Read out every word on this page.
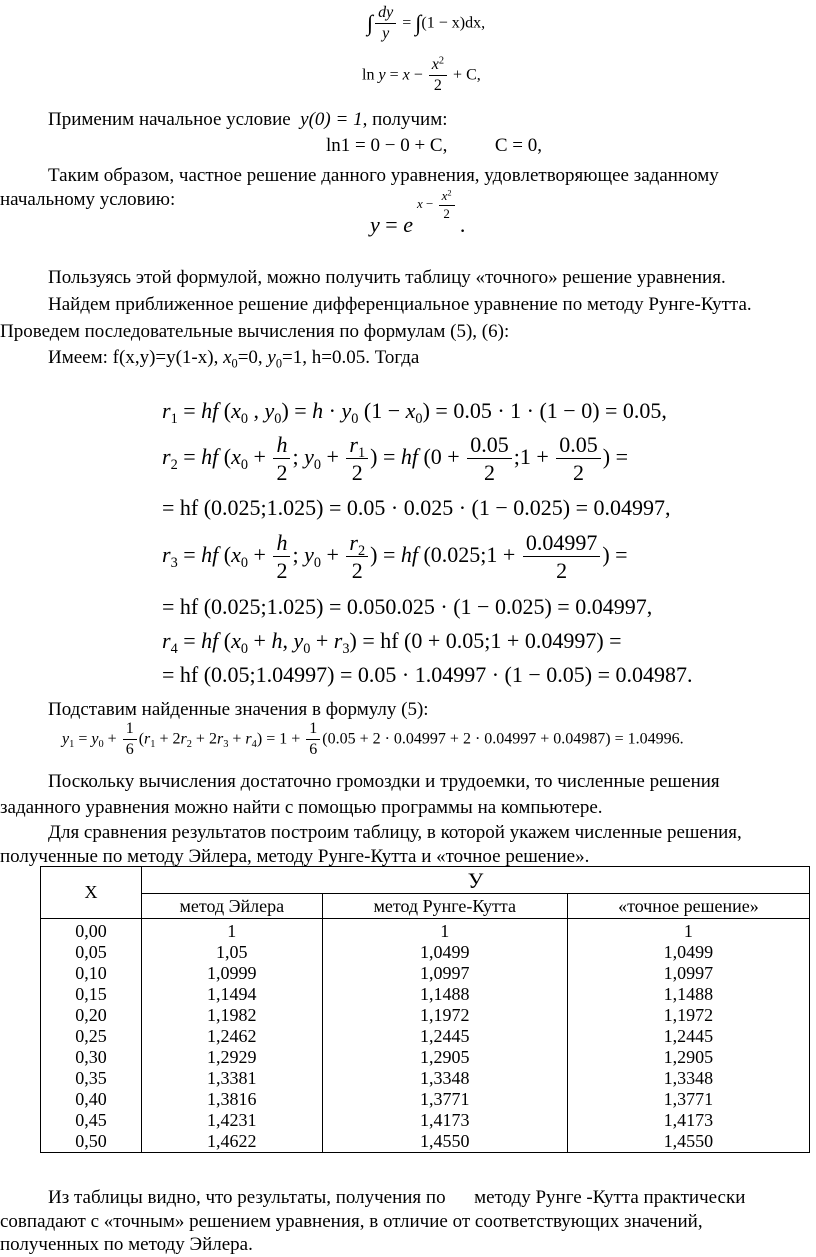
∫ $\frac{dy}{y} = \int(1 - x)dx$,
$\ln y = x - \frac{x^2}{2} + C$,
Применим начальное условие y(0) = 1, получим:
ln1 = 0 − 0 + C,	C = 0,
Таким образом, частное решение данного уравнения, удовлетворяющее заданному
начальному условию:
y = e $^{x - \frac{x^2}{2}}$
.
Пользуясь этой формулой, можно получить таблицу «точного» решение уравнения.
Найдем приближенное решение дифференциальное уравнение по методу Рунге-Кутта.
Проведем последовательные вычисления по формулам (5), (6):
Имеем: f(x,y)=y(1-x), $x_0=0$, $y_0=1$, h=0.05. Тогда
$r_1$ = hf ($x_0$ , $y_0) = h \cdot y_0$ $(1 - x_0) = 0.05 \cdot 1 \cdot (1 - 0) = 0.05$,
$r_2$ = hf ($x_0 + \frac{h}{2}$ ; $y_0 + \frac{r_1}{2}$ ) = hf ($0 + \frac{0.05}{2}$ ;1 + $\frac{0.05}{2}$ ) =
= hf (0.025;1.025) = 0.05 · 0.025 · (1 − 0.025) = 0.04997,
$r_3$ = hf ($x_0 + \frac{h}{2}$ ; $y_0 + \frac{r_2}{2}$ ) = hf (0.025;1 + $\frac{0.04997}{2}$ ) =
= hf (0.025;1.025) = 0.050.025 · (1 − 0.025) = 0.04997,
$r_4$ = hf ($x_0 + h$, $y_0 + r_3$) = hf (0 + 0.05;1 + 0.04997) =
= hf (0.05;1.04997) = 0.05 · 1.04997 · (1 − 0.05) = 0.04987.
Подставим найденные значения в формулу (5):
$y_1 = y_0 + \frac{1}{6} (r_1 + 2r_2 + 2r_3 + r_4) = 1 + \frac{1}{6} (0.05 + 2 \cdot 0.04997 + 2 \cdot 0.04997 + 0.04987) = 1.04996$.
Поскольку вычисления достаточно громоздки и трудоемки, то численные решения
заданного уравнения можно найти с помощью программы на компьютере.
Для сравнения результатов построим таблицу, в которой укажем численные решения,
полученные по методу Эйлера, методу Рунге-Кутта и «точное решение».
X	У		
	метод Эйлера	метод Рунге-Кутта	«точное решение»
0,00	1	1	1
0,05	1,05	1,0499	1,0499
0,10	1,0999	1,0997	1,0997
0,15	1,1494	1,1488	1,1488
0,20	1,1982	1,1972	1,1972
0,25	1,2462	1,2445	1,2445
0,30	1,2929	1,2905	1,2905
0,35	1,3381	1,3348	1,3348
0,40	1,3816	1,3771	1,3771
0,45	1,4231	1,4173	1,4173
0,50	1,4622	1,4550	1,4550
Из таблицы видно, что результаты, получения по      методу Рунге -Кутта практически
совпадают с «точным» решением уравнения, в отличие от соответствующих значений,
полученных по методу Эйлера.
